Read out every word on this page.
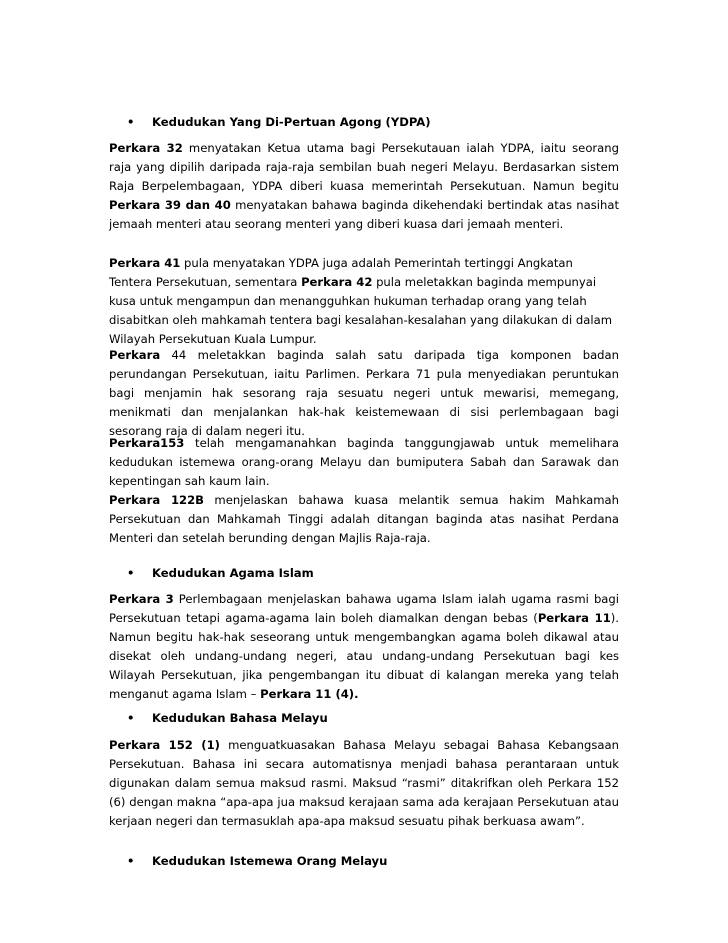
• Kedudukan Yang Di-Pertuan Agong (YDPA)

Perkara 32 menyatakan Ketua utama bagi Persekutauan ialah YDPA, iaitu seorang raja yang dipilih daripada raja-raja sembilan buah negeri Melayu. Berdasarkan sistem Raja Berpelembagaan, YDPA diberi kuasa memerintah Persekutuan. Namun begitu Perkara 39 dan 40 menyatakan bahawa baginda dikehendaki bertindak atas nasihat jemaah menteri atau seorang menteri yang diberi kuasa dari jemaah menteri.

Perkara 41 pula menyatakan YDPA juga adalah Pemerintah tertinggi Angkatan Tentera Persekutuan, sementara Perkara 42 pula meletakkan baginda mempunyai kusa untuk mengampun dan menangguhkan hukuman terhadap orang yang telah disabitkan oleh mahkamah tentera bagi kesalahan-kesalahan yang dilakukan di dalam Wilayah Persekutuan Kuala Lumpur.

Perkara 44 meletakkan baginda salah satu daripada tiga komponen badan perundangan Persekutuan, iaitu Parlimen. Perkara 71 pula menyediakan peruntukan bagi menjamin hak sesorang raja sesuatu negeri untuk mewarisi, memegang, menikmati dan menjalankan hak-hak keistemewaan di sisi perlembagaan bagi sesorang raja di dalam negeri itu.

Perkara153 telah mengamanahkan baginda tanggungjawab untuk memelihara kedudukan istemewa orang-orang Melayu dan bumiputera Sabah dan Sarawak dan kepentingan sah kaum lain.

Perkara 122B menjelaskan bahawa kuasa melantik semua hakim Mahkamah Persekutuan dan Mahkamah Tinggi adalah ditangan baginda atas nasihat Perdana Menteri dan setelah berunding dengan Majlis Raja-raja.

• Kedudukan Agama Islam

Perkara 3 Perlembagaan menjelaskan bahawa ugama Islam ialah ugama rasmi bagi Persekutuan tetapi agama-agama lain boleh diamalkan dengan bebas (Perkara 11). Namun begitu hak-hak seseorang untuk mengembangkan agama boleh dikawal atau disekat oleh undang-undang negeri, atau undang-undang Persekutuan bagi kes Wilayah Persekutuan, jika pengembangan itu dibuat di kalangan mereka yang telah menganut agama Islam – Perkara 11 (4).

• Kedudukan Bahasa Melayu

Perkara 152 (1) menguatkuasakan Bahasa Melayu sebagai Bahasa Kebangsaan Persekutuan. Bahasa ini secara automatisnya menjadi bahasa perantaraan untuk digunakan dalam semua maksud rasmi. Maksud “rasmi” ditakrifkan oleh Perkara 152 (6) dengan makna “apa-apa jua maksud kerajaan sama ada kerajaan Persekutuan atau kerjaan negeri dan termasuklah apa-apa maksud sesuatu pihak berkuasa awam”.

• Kedudukan Istemewa Orang Melayu
